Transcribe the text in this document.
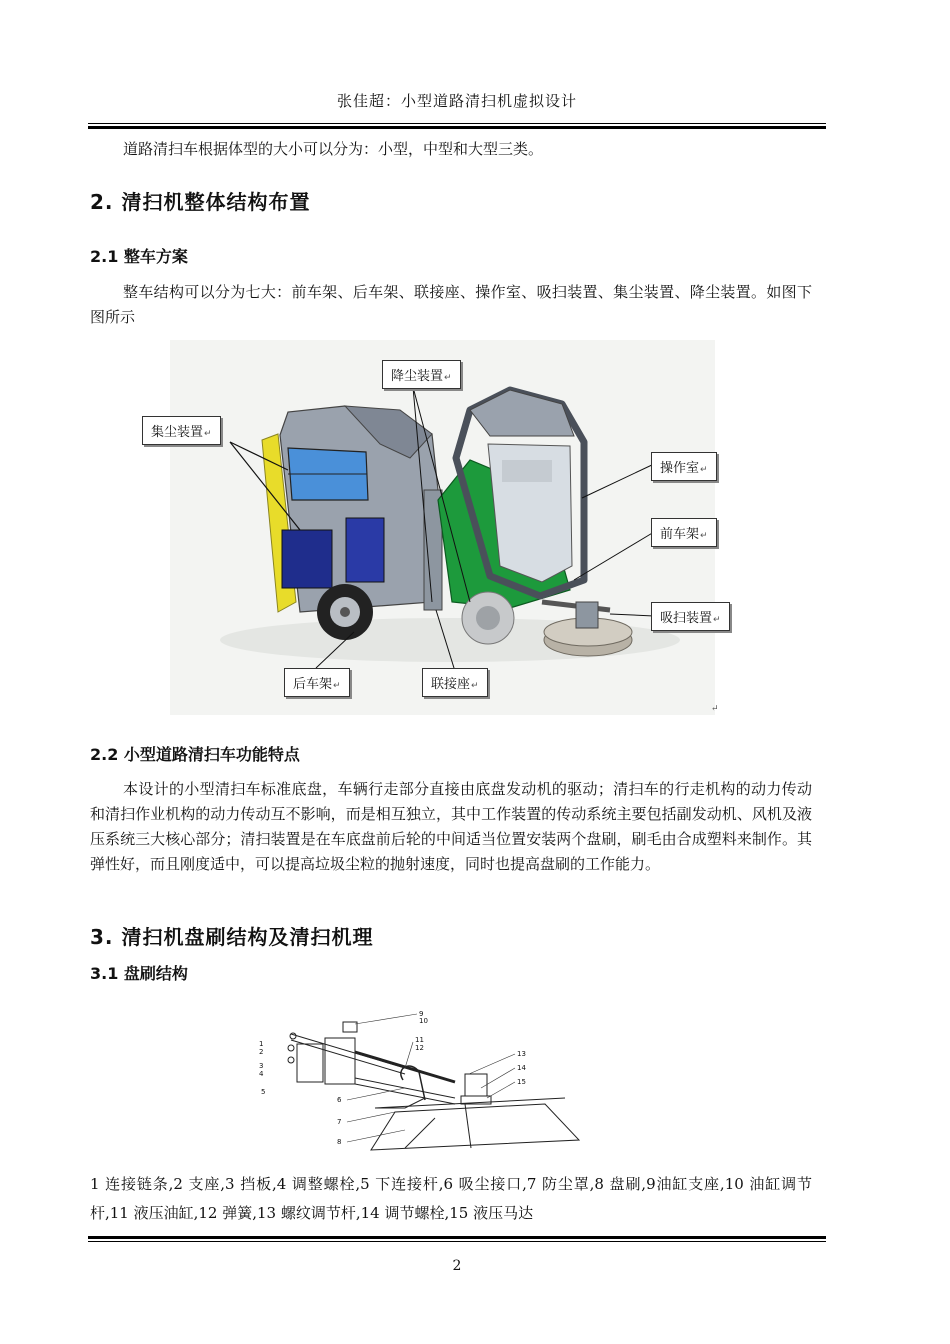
张佳超：小型道路清扫机虚拟设计

道路清扫车根据体型的大小可以分为：小型，中型和大型三类。

2. 清扫机整体结构布置
2.1 整车方案

整车结构可以分为七大：前车架、后车架、联接座、操作室、吸扫装置、集尘装置、降尘装置。如图下图所示

降尘装置↵
集尘装置↵
操作室↵
前车架↵
吸扫装置↵
后车架↵	联接座↵
↵
2.2 小型道路清扫车功能特点

本设计的小型清扫车标准底盘，车辆行走部分直接由底盘发动机的驱动；清扫车的行走机构的动力传动和清扫作业机构的动力传动互不影响，而是相互独立，其中工作装置的传动系统主要包括副发动机、风机及液压系统三大核心部分；清扫装置是在车底盘前后轮的中间适当位置安装两个盘刷，刷毛由合成塑料来制作。其弹性好，而且刚度适中，可以提高垃圾尘粒的抛射速度，同时也提高盘刷的工作能力。

3. 清扫机盘刷结构及清扫机理
3.1 盘刷结构
9
10
1
2
3
4
5
6
7
8
11
12
13
14
15

1 连接链条,2 支座,3 挡板,4 调整螺栓,5 下连接杆,6 吸尘接口,7 防尘罩,8 盘刷,9油缸支座,10 油缸调节杆,11 液压油缸,12 弹簧,13 螺纹调节杆,14 调节螺栓,15 液压马达

2
